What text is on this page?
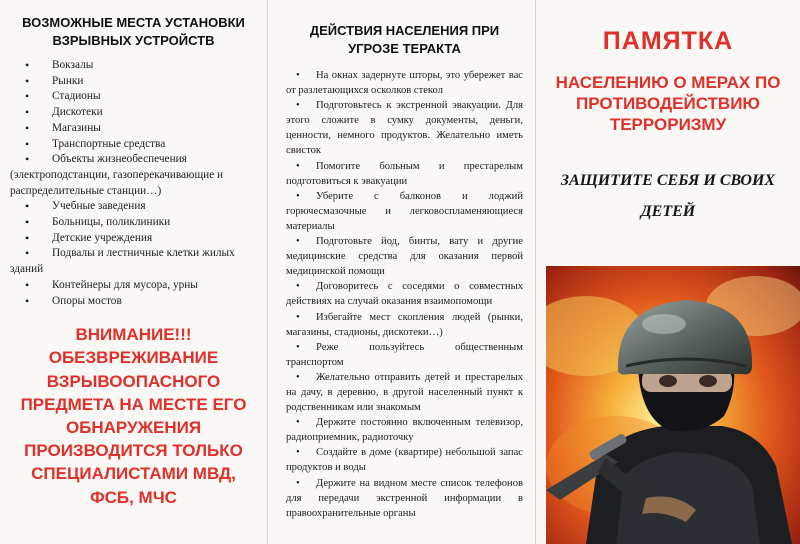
ВОЗМОЖНЫЕ МЕСТА УСТАНОВКИ ВЗРЫВНЫХ УСТРОЙСТВ
• Вокзалы
• Рынки
• Стадионы
• Дискотеки
• Магазины
• Транспортные средства
• Объекты жизнеобеспечения (электроподстанции, газоперекачивающие и распределительные станции…)
• Учебные заведения
• Больницы, поликлиники
• Детские учреждения
• Подвалы и лестничные клетки жилых зданий
• Контейнеры для мусора, урны
• Опоры мостов
ВНИМАНИЕ!!! ОБЕЗВРЕЖИВАНИЕ ВЗРЫВООПАСНОГО ПРЕДМЕТА НА МЕСТЕ ЕГО ОБНАРУЖЕНИЯ ПРОИЗВОДИТСЯ ТОЛЬКО СПЕЦИАЛИСТАМИ МВД, ФСБ, МЧС
ДЕЙСТВИЯ НАСЕЛЕНИЯ ПРИ УГРОЗЕ ТЕРАКТА
• На окнах задернуте шторы, это убережет вас от разлетающихся осколков стекол
• Подготовьтесь к экстренной эвакуации. Для этого сложите в сумку документы, деньги, ценности, немного продуктов. Желательно иметь свисток
• Помогите больным и престарелым подготовиться к эвакуации
• Уберите с балконов и лоджий горючесмазочные и легковоспламеняющиеся материалы
• Подготовьте йод, бинты, вату и другие медицинские средства для оказания первой медицинской помощи
• Договоритесь с соседями о совместных действиях на случай оказания взаимопомощи
• Избегайте мест скопления людей (рынки, магазины, стадионы, дискотеки…)
• Реже пользуйтесь общественным транспортом
• Желательно отправить детей и престарелых на дачу, в деревню, в другой населенный пункт к родственникам или знакомым
• Держите постоянно включенным телевизор, радиоприемник, радиоточку
• Создайте в доме (квартире) небольшой запас продуктов и воды
• Держите на видном месте список телефонов для передачи экстренной информации в правоохранительные органы
ПАМЯТКА

НАСЕЛЕНИЮ О МЕРАХ ПО ПРОТИВОДЕЙСТВИЮ ТЕРРОРИЗМУ

ЗАЩИТИТЕ СЕБЯ И СВОИХ ДЕТЕЙ
